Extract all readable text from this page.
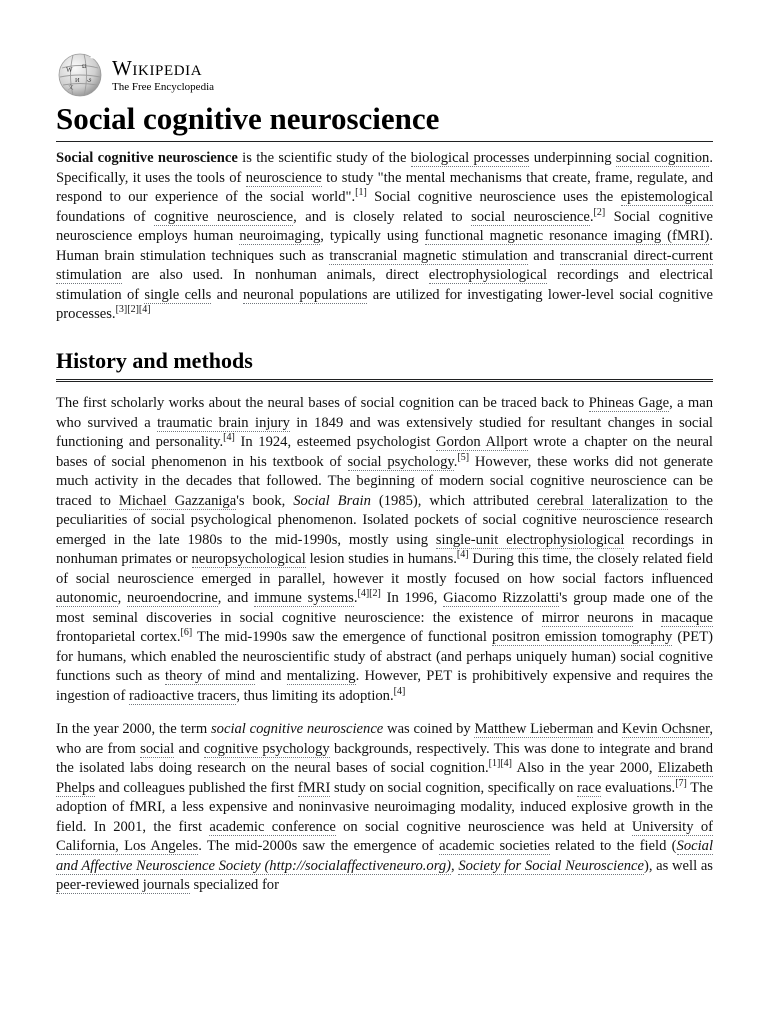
W Ω
И ی
文
Wikipedia
The Free Encyclopedia
Social cognitive neuroscience

Social cognitive neuroscience is the scientific study of the biological processes underpinning social cognition. Specifically, it uses the tools of neuroscience to study "the mental mechanisms that create, frame, regulate, and respond to our experience of the social world".[1] Social cognitive neuroscience uses the epistemological foundations of cognitive neuroscience, and is closely related to social neuroscience.[2] Social cognitive neuroscience employs human neuroimaging, typically using functional magnetic resonance imaging (fMRI). Human brain stimulation techniques such as transcranial magnetic stimulation and transcranial direct-current stimulation are also used. In nonhuman animals, direct electrophysiological recordings and electrical stimulation of single cells and neuronal populations are utilized for investigating lower-level social cognitive processes.[3][2][4]

History and methods

The first scholarly works about the neural bases of social cognition can be traced back to Phineas Gage, a man who survived a traumatic brain injury in 1849 and was extensively studied for resultant changes in social functioning and personality.[4] In 1924, esteemed psychologist Gordon Allport wrote a chapter on the neural bases of social phenomenon in his textbook of social psychology.[5] However, these works did not generate much activity in the decades that followed. The beginning of modern social cognitive neuroscience can be traced to Michael Gazzaniga's book, Social Brain (1985), which attributed cerebral lateralization to the peculiarities of social psychological phenomenon. Isolated pockets of social cognitive neuroscience research emerged in the late 1980s to the mid-1990s, mostly using single-unit electrophysiological recordings in nonhuman primates or neuropsychological lesion studies in humans.[4] During this time, the closely related field of social neuroscience emerged in parallel, however it mostly focused on how social factors influenced autonomic, neuroendocrine, and immune systems.[4][2] In 1996, Giacomo Rizzolatti's group made one of the most seminal discoveries in social cognitive neuroscience: the existence of mirror neurons in macaque frontoparietal cortex.[6] The mid-1990s saw the emergence of functional positron emission tomography (PET) for humans, which enabled the neuroscientific study of abstract (and perhaps uniquely human) social cognitive functions such as theory of mind and mentalizing. However, PET is prohibitively expensive and requires the ingestion of radioactive tracers, thus limiting its adoption.[4]

In the year 2000, the term social cognitive neuroscience was coined by Matthew Lieberman and Kevin Ochsner, who are from social and cognitive psychology backgrounds, respectively. This was done to integrate and brand the isolated labs doing research on the neural bases of social cognition.[1][4] Also in the year 2000, Elizabeth Phelps and colleagues published the first fMRI study on social cognition, specifically on race evaluations.[7] The adoption of fMRI, a less expensive and noninvasive neuroimaging modality, induced explosive growth in the field. In 2001, the first academic conference on social cognitive neuroscience was held at University of California, Los Angeles. The mid-2000s saw the emergence of academic societies related to the field (Social and Affective Neuroscience Society (http://socialaffectiveneuro.org), Society for Social Neuroscience), as well as peer-reviewed journals specialized for
